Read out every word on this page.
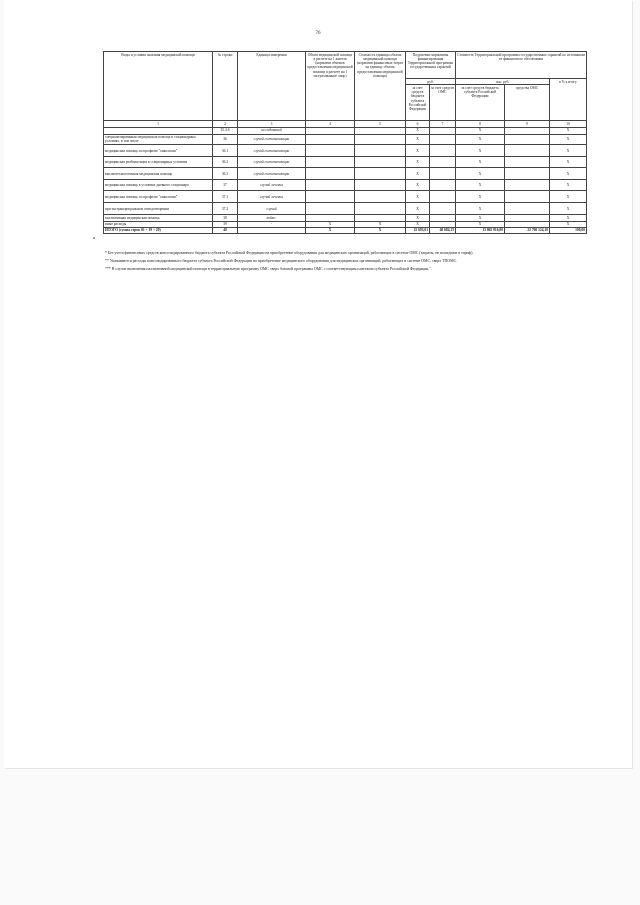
76
Виды и условия оказания медицинской помощи	№ строки	Единица измерения	Объем медицинской помощи в расчете на 1 жителя (норматив объемов предоставления медицинской помощи в расчете на 1 застрахованное лицо)	Стоимость единицы объема медицинской помощи (норматив финансовых затрат на единицу объема предоставления медицинской помощи)	Подушевые нормативы финансирования Территориальной программы государственных гарантий		Стоимость Территориальной программы государственных гарантий по источникам ее финансового обеспечения		
					руб.		тыс. руб.		в % к итогу
					за счет средств бюджета субъекта Российской Федерации	за счет средств ОМС	за счет средств бюджета субъекта Российской Федерации	средства ОМС	
1	2	3	4	5	6	7	8	9	10
	35.4.6	исследований			X		X		X
специализированная медицинская помощь в стационарных условиях, в том числе	36	случай госпитализации			X		X		X
медицинская помощь по профилю "онкология"	36.1	случай госпитализации			X		X		X
медицинская реабилитация в стационарных условиях	36.2	случай госпитализации			X		X		X
высокотехнологичная медицинская помощь	36.3	случай госпитализации			X		X		X
медицинская помощь в условиях дневного стационара	37	случай лечения			X		X		X
медицинская помощь по профилю "онкология"	37.1	случай лечения			X		X		X
при экстракорпоральном оплодотворении	37.2	случай			X		X		X
паллиативная медицинская помощь	38	койко-			X		X		X
иные расходы	39	-	X	X	X		X		X
ИТОГО (сумма строк 01 + 19 + 20)	40		X	X	25 693,01	40 684,15	13 865 916,00	22 760 124,10	100,00

* Без учета финансовых средств консолидированного бюджета субъекта Российской Федерации на приобретение оборудования для медицинских организаций, работающих в системе ОМС (затраты, не вошедшие в тариф).

** Указываются расходы консолидированного бюджета субъекта Российской Федерации на приобретение медицинского оборудования для медицинских организаций, работающих в системе ОМС, сверх ТПОМС.

*** В случае включения паллиативной медицинской помощи в территориальную программу ОМС сверх базовой программы ОМС с соответствующим платежом субъекта Российской Федерации.".
